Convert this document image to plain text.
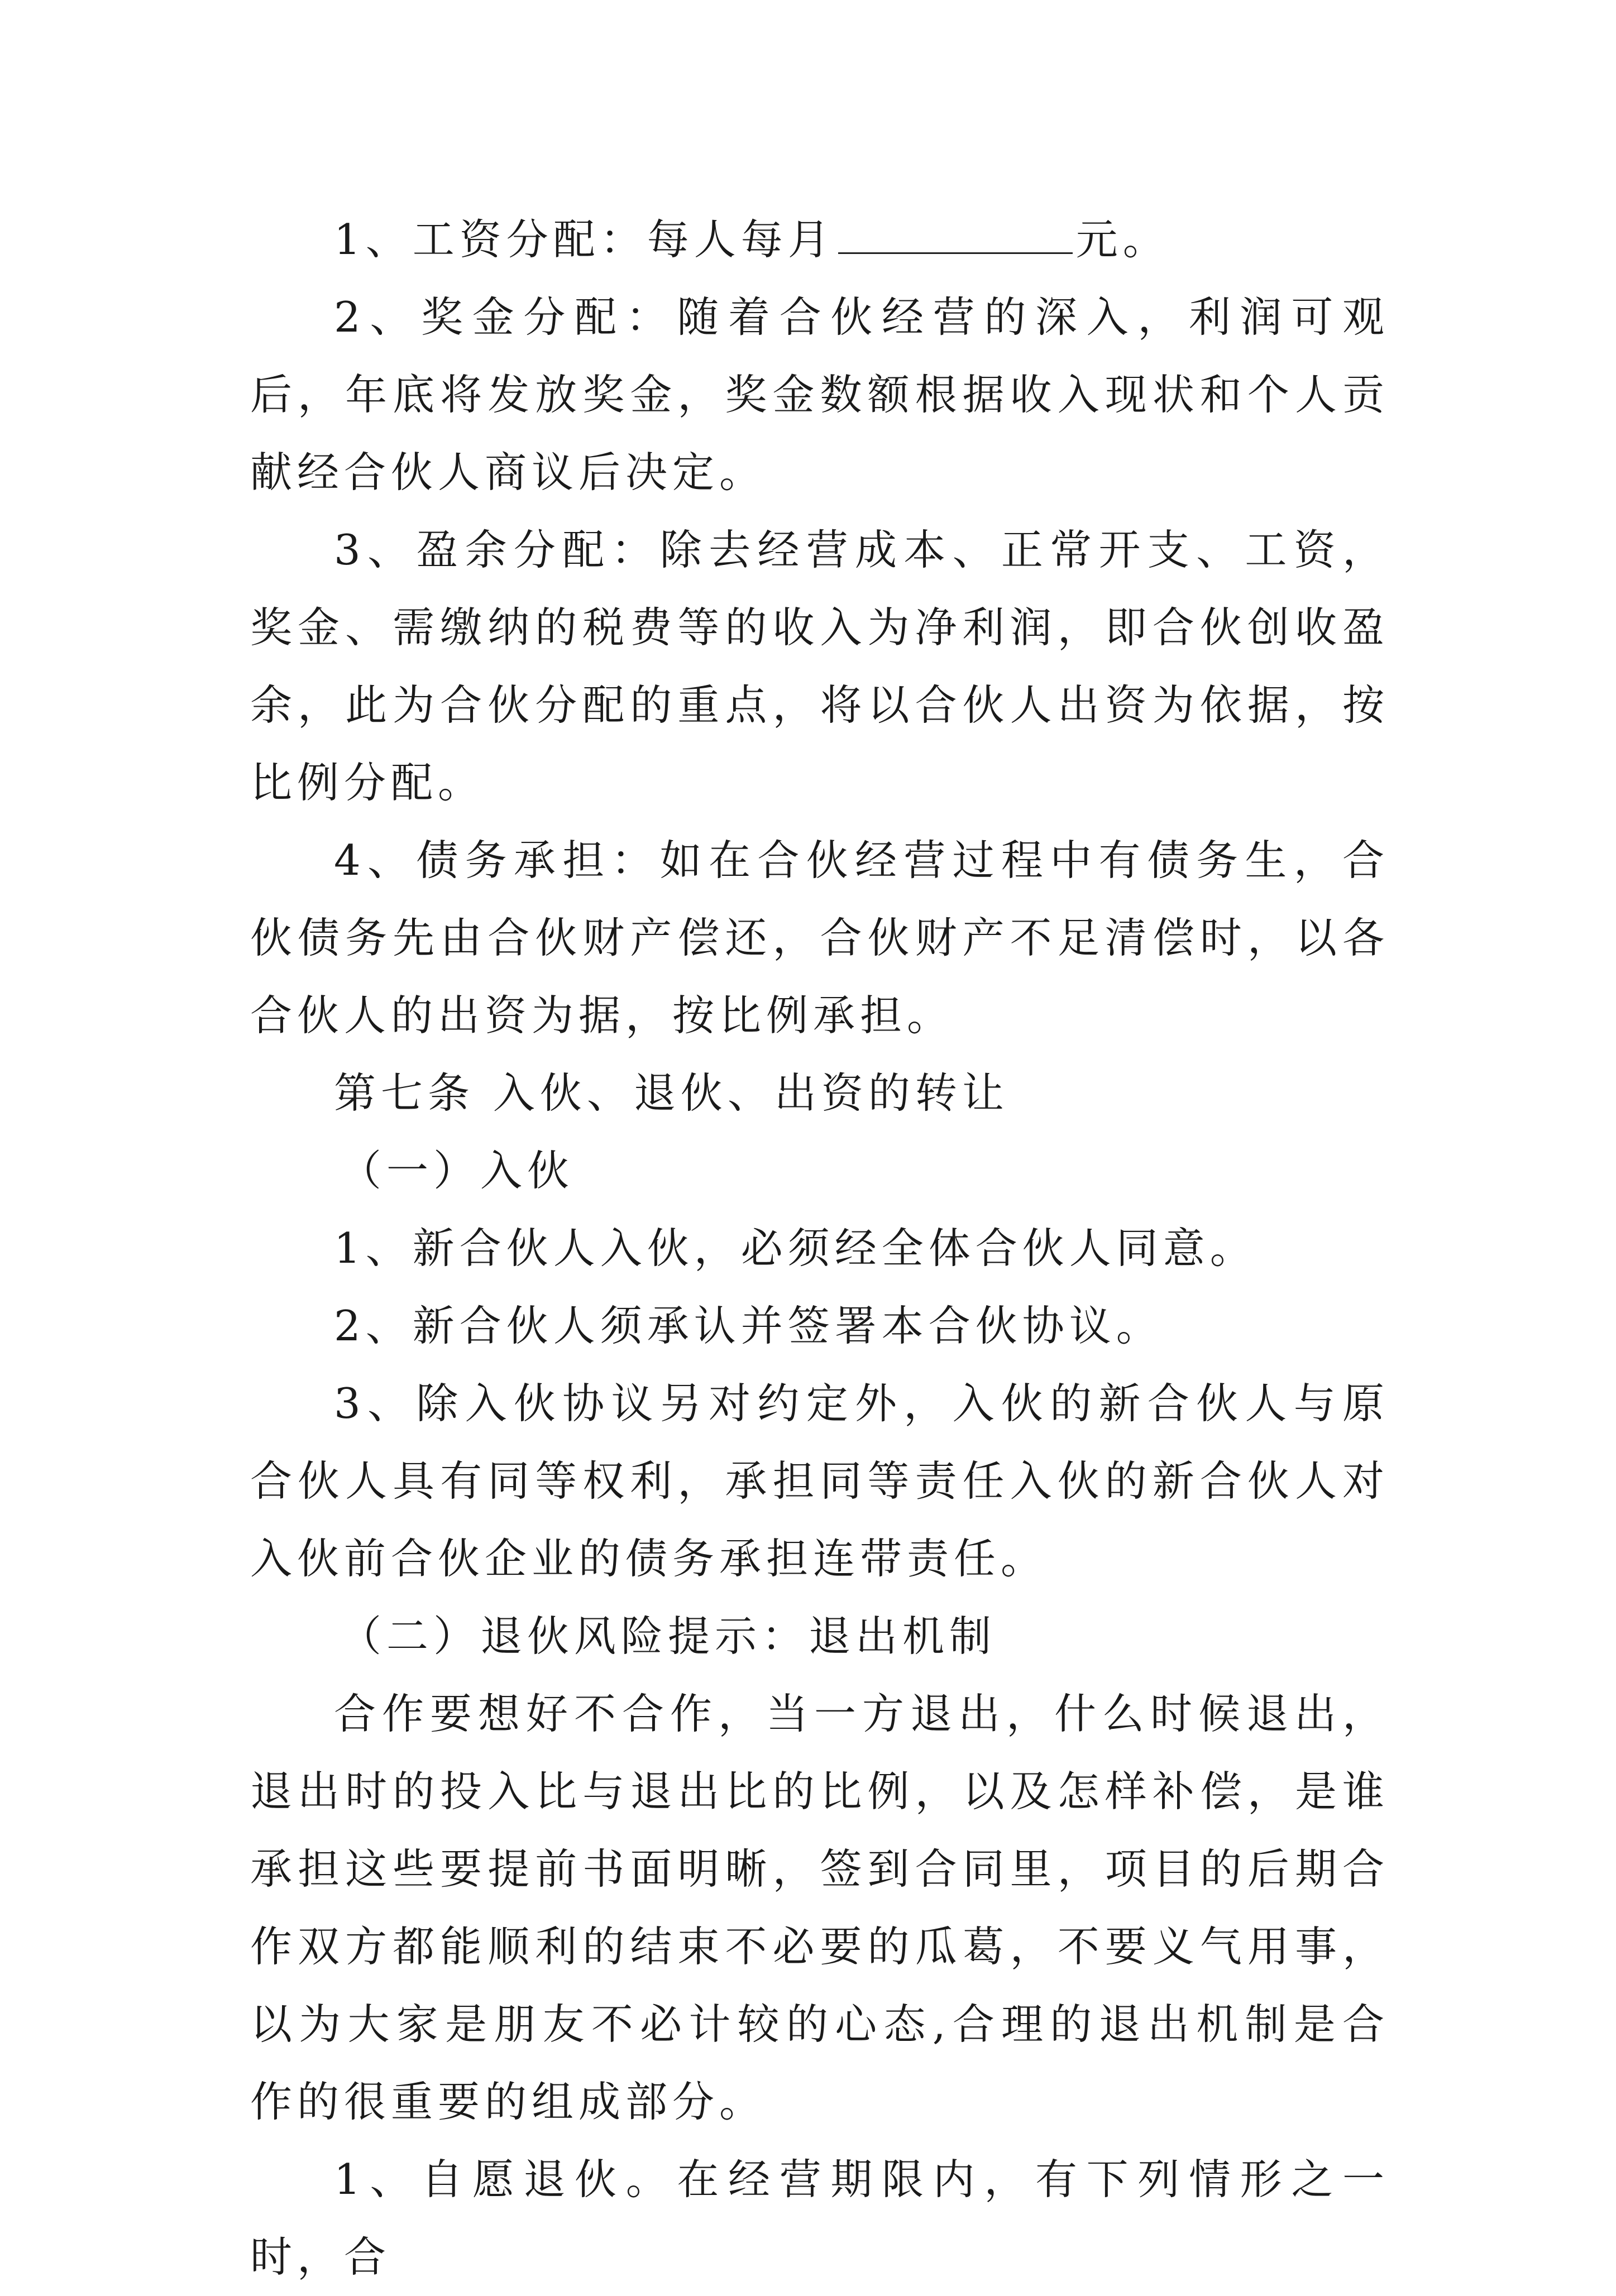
1、工资分配：每人每月	元。

2、奖金分配：随着合伙经营的深入，利润可观后，年底将发放奖金，奖金数额根据收入现状和个人贡献经合伙人商议后决定。

3、盈余分配：除去经营成本、正常开支、工资，奖金、需缴纳的税费等的收入为净利润，即合伙创收盈余，此为合伙分配的重点，将以合伙人出资为依据，按比例分配。

4、债务承担：如在合伙经营过程中有债务生，合伙债务先由合伙财产偿还，合伙财产不足清偿时，以各合伙人的出资为据，按比例承担。

第七条 入伙、退伙、出资的转让

（一）入伙

1、新合伙人入伙，必须经全体合伙人同意。

2、新合伙人须承认并签署本合伙协议。

3、除入伙协议另对约定外，入伙的新合伙人与原合伙人具有同等权利，承担同等责任入伙的新合伙人对入伙前合伙企业的债务承担连带责任。

（二）退伙风险提示：退出机制

合作要想好不合作，当一方退出，什么时候退出，退出时的投入比与退出比的比例，以及怎样补偿，是谁承担这些要提前书面明晰，签到合同里，项目的后期合作双方都能顺利的结束不必要的瓜葛，不要义气用事，以为大家是朋友不必计较的心态,合理的退出机制是合作的很重要的组成部分。

1、自愿退伙。在经营期限内，有下列情形之一时，合
